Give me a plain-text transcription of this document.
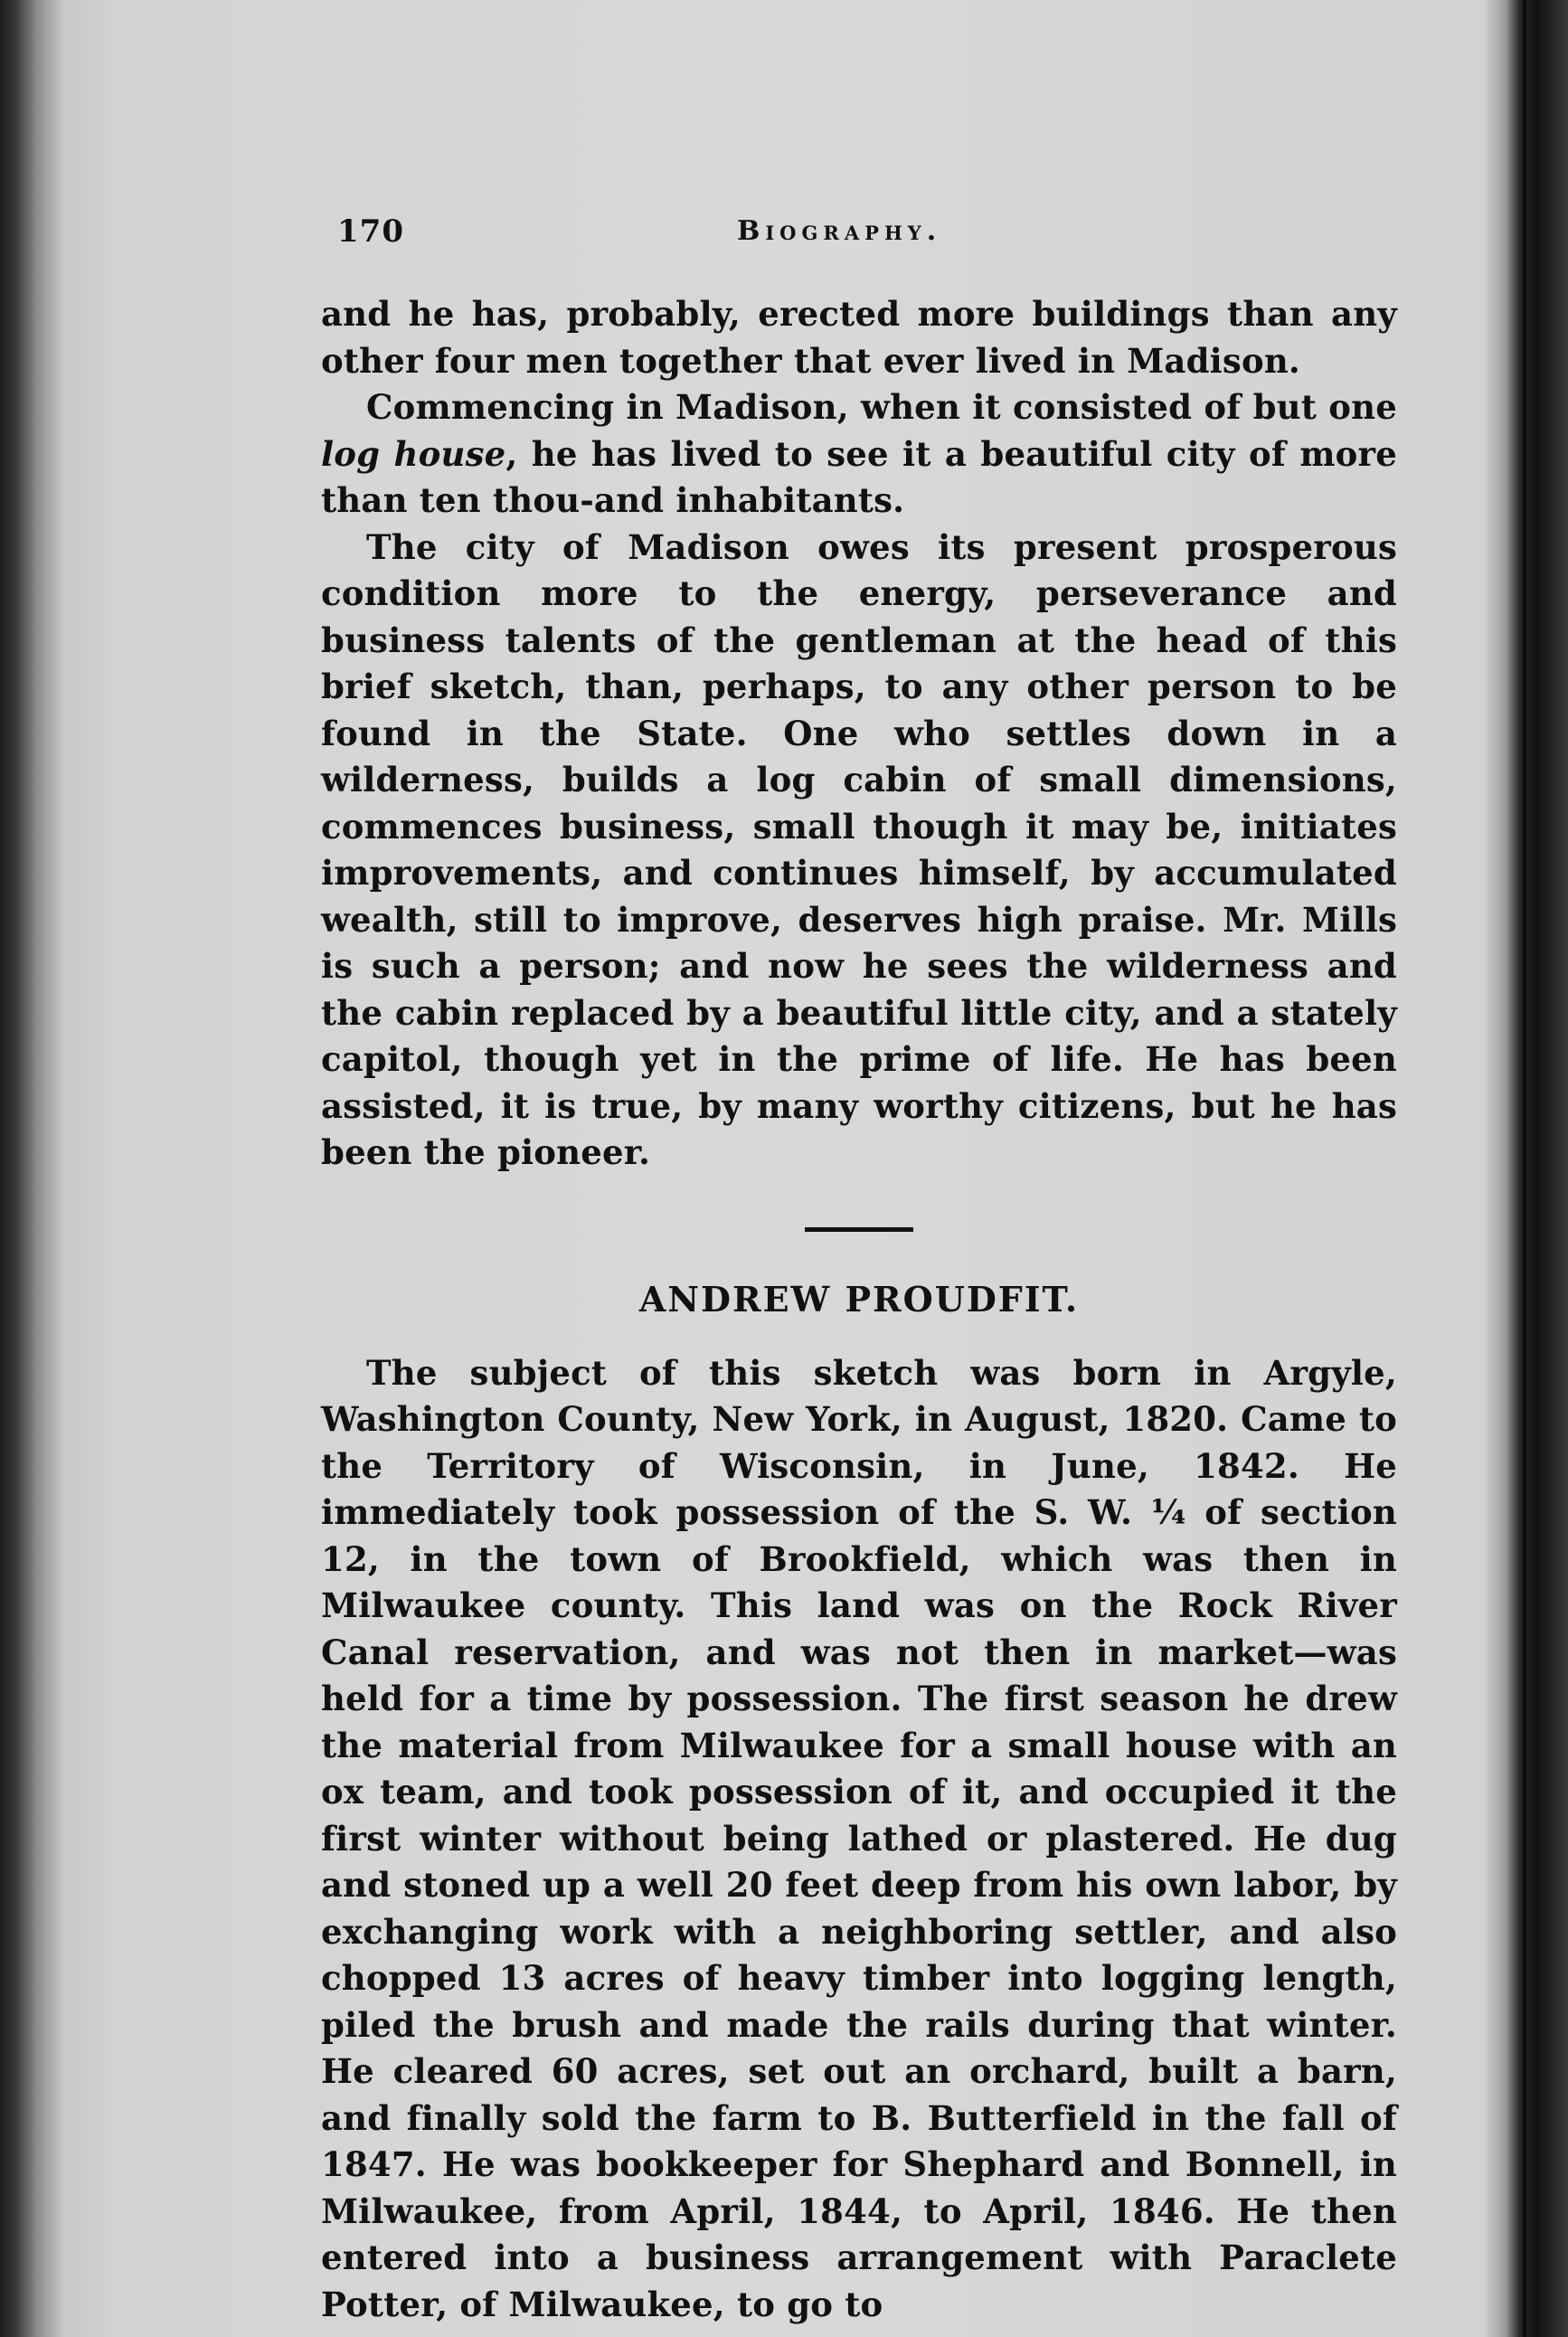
170	Biography.

and he has, probably, erected more buildings than any other four men together that ever lived in Madison.

Commencing in Madison, when it consisted of but one log house, he has lived to see it a beautiful city of more than ten thou-and inhabitants.

The city of Madison owes its present prosperous condition more to the energy, perseverance and business talents of the gentleman at the head of this brief sketch, than, perhaps, to any other person to be found in the State. One who settles down in a wilderness, builds a log cabin of small dimensions, commences business, small though it may be, initiates improvements, and continues himself, by accumulated wealth, still to improve, deserves high praise. Mr. Mills is such a person; and now he sees the wilderness and the cabin replaced by a beautiful little city, and a stately capitol, though yet in the prime of life. He has been assisted, it is true, by many worthy citizens, but he has been the pioneer.

ANDREW PROUDFIT.

The subject of this sketch was born in Argyle, Washington County, New York, in August, 1820. Came to the Territory of Wisconsin, in June, 1842. He immediately took possession of the S. W. ¼ of section 12, in the town of Brookfield, which was then in Milwaukee county. This land was on the Rock River Canal reservation, and was not then in market—was held for a time by possession. The first season he drew the material from Milwaukee for a small house with an ox team, and took possession of it, and occupied it the first winter without being lathed or plastered. He dug and stoned up a well 20 feet deep from his own labor, by exchanging work with a neighboring settler, and also chopped 13 acres of heavy timber into logging length, piled the brush and made the rails during that winter. He cleared 60 acres, set out an orchard, built a barn, and finally sold the farm to B. Butterfield in the fall of 1847. He was bookkeeper for Shephard and Bonnell, in Milwaukee, from April, 1844, to April, 1846. He then entered into a business arrangement with Paraclete Potter, of Milwaukee, to go to
